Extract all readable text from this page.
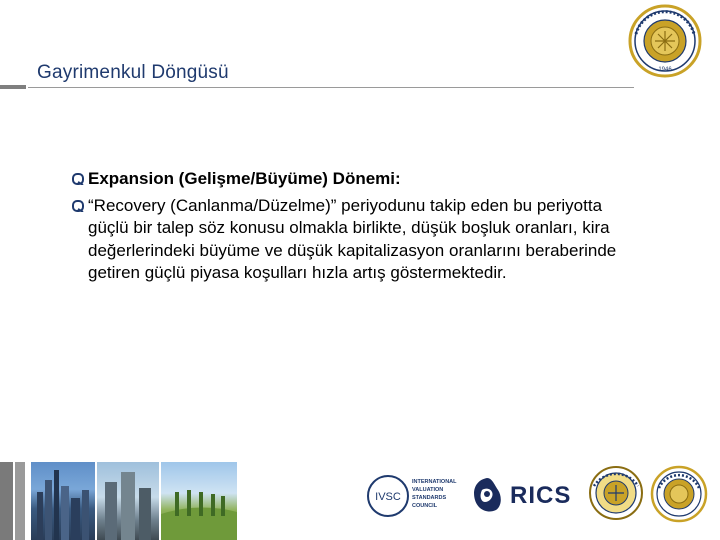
Gayrimenkul Döngüsü	1946
Expansion (Gelişme/Büyüme) Dönemi:
“Recovery (Canlanma/Düzelme)” periyodunu takip eden bu periyotta güçlü bir talep söz konusu olmakla birlikte, düşük boşluk oranları, kira değerlerindeki büyüme ve düşük kapitalizasyon oranlarını beraberinde getiren güçlü piyasa koşulları hızla artış göstermektedir.
IVSC
INTERNATIONAL
VALUATION
STANDARDS
COUNCIL	RICS
